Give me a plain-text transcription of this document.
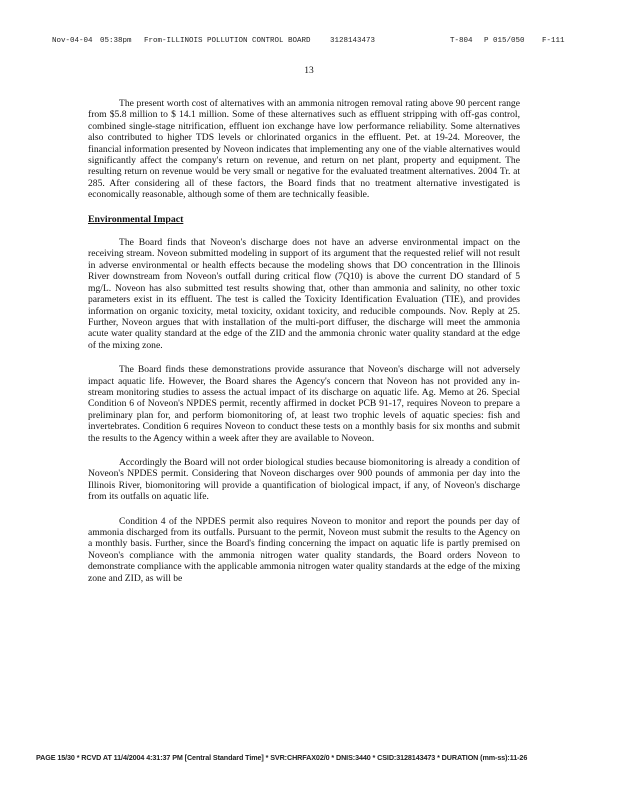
Nov-04-04 05:38pm From-ILLINOIS POLLUTION CONTROL BOARD	3128143473	T-804 P 015/050 F-111
13

The present worth cost of alternatives with an ammonia nitrogen removal rating above 90 percent range from $5.8 million to $ 14.1 million. Some of these alternatives such as effluent stripping with off-gas control, combined single-stage nitrification, effluent ion exchange have low performance reliability. Some alternatives also contributed to higher TDS levels or chlorinated organics in the effluent. Pet. at 19-24. Moreover, the financial information presented by Noveon indicates that implementing any one of the viable alternatives would significantly affect the company's return on revenue, and return on net plant, property and equipment. The resulting return on revenue would be very small or negative for the evaluated treatment alternatives. 2004 Tr. at 285. After considering all of these factors, the Board finds that no treatment alternative investigated is economically reasonable, although some of them are technically feasible.

Environmental Impact

The Board finds that Noveon's discharge does not have an adverse environmental impact on the receiving stream. Noveon submitted modeling in support of its argument that the requested relief will not result in adverse environmental or health effects because the modeling shows that DO concentration in the Illinois River downstream from Noveon's outfall during critical flow (7Q10) is above the current DO standard of 5 mg/L. Noveon has also submitted test results showing that, other than ammonia and salinity, no other toxic parameters exist in its effluent. The test is called the Toxicity Identification Evaluation (TIE), and provides information on organic toxicity, metal toxicity, oxidant toxicity, and reducible compounds. Nov. Reply at 25. Further, Noveon argues that with installation of the multi-port diffuser, the discharge will meet the ammonia acute water quality standard at the edge of the ZID and the ammonia chronic water quality standard at the edge of the mixing zone.

The Board finds these demonstrations provide assurance that Noveon's discharge will not adversely impact aquatic life. However, the Board shares the Agency's concern that Noveon has not provided any in-stream monitoring studies to assess the actual impact of its discharge on aquatic life. Ag. Memo at 26. Special Condition 6 of Noveon's NPDES permit, recently affirmed in docket PCB 91-17, requires Noveon to prepare a preliminary plan for, and perform biomonitoring of, at least two trophic levels of aquatic species: fish and invertebrates. Condition 6 requires Noveon to conduct these tests on a monthly basis for six months and submit the results to the Agency within a week after they are available to Noveon.

Accordingly the Board will not order biological studies because biomonitoring is already a condition of Noveon's NPDES permit. Considering that Noveon discharges over 900 pounds of ammonia per day into the Illinois River, biomonitoring will provide a quantification of biological impact, if any, of Noveon's discharge from its outfalls on aquatic life.

Condition 4 of the NPDES permit also requires Noveon to monitor and report the pounds per day of ammonia discharged from its outfalls. Pursuant to the permit, Noveon must submit the results to the Agency on a monthly basis. Further, since the Board's finding concerning the impact on aquatic life is partly premised on Noveon's compliance with the ammonia nitrogen water quality standards, the Board orders Noveon to demonstrate compliance with the applicable ammonia nitrogen water quality standards at the edge of the mixing zone and ZID, as will be

PAGE 15/30 * RCVD AT 11/4/2004 4:31:37 PM [Central Standard Time] * SVR:CHRFAX02/0 * DNIS:3440 * CSID:3128143473 * DURATION (mm-ss):11-26
